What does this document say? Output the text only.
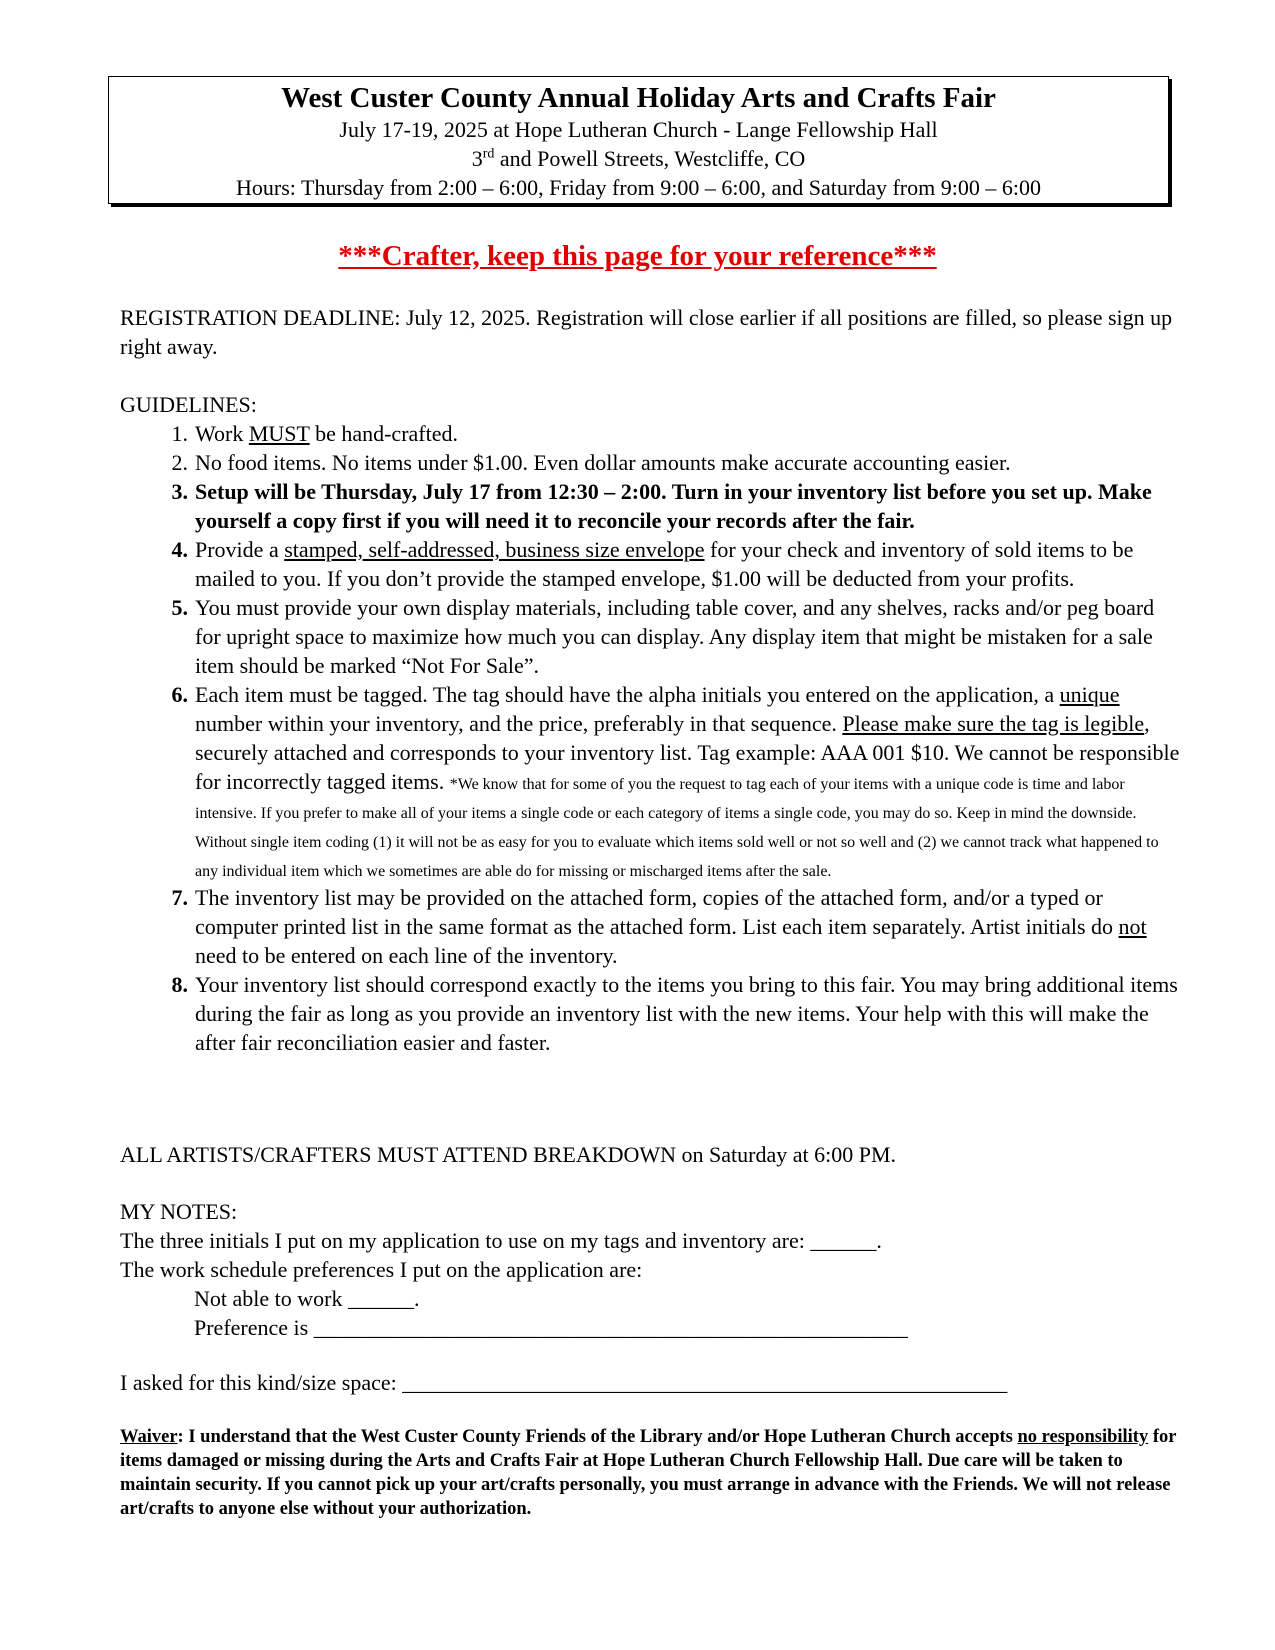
West Custer County Annual Holiday Arts and Crafts Fair
July 17-19, 2025 at Hope Lutheran Church - Lange Fellowship Hall
3rd and Powell Streets, Westcliffe, CO
Hours: Thursday from 2:00 – 6:00, Friday from 9:00 – 6:00, and Saturday from 9:00 – 6:00
***Crafter, keep this page for your reference***
REGISTRATION DEADLINE: July 12, 2025. Registration will close earlier if all positions are filled, so please sign up right away.
GUIDELINES:
1. Work MUST be hand-crafted.
2. No food items. No items under $1.00. Even dollar amounts make accurate accounting easier.
3. Setup will be Thursday, July 17 from 12:30 – 2:00. Turn in your inventory list before you set up. Make yourself a copy first if you will need it to reconcile your records after the fair.
4. Provide a stamped, self-addressed, business size envelope for your check and inventory of sold items to be mailed to you. If you don’t provide the stamped envelope, $1.00 will be deducted from your profits.
5. You must provide your own display materials, including table cover, and any shelves, racks and/or peg board for upright space to maximize how much you can display. Any display item that might be mistaken for a sale item should be marked “Not For Sale”.
6. Each item must be tagged. The tag should have the alpha initials you entered on the application, a unique number within your inventory, and the price, preferably in that sequence. Please make sure the tag is legible, securely attached and corresponds to your inventory list. Tag example: AAA 001 $10. We cannot be responsible for incorrectly tagged items. *We know that for some of you the request to tag each of your items with a unique code is time and labor intensive. If you prefer to make all of your items a single code or each category of items a single code, you may do so. Keep in mind the downside. Without single item coding (1) it will not be as easy for you to evaluate which items sold well or not so well and (2) we cannot track what happened to any individual item which we sometimes are able do for missing or mischarged items after the sale.
7. The inventory list may be provided on the attached form, copies of the attached form, and/or a typed or computer printed list in the same format as the attached form. List each item separately. Artist initials do not need to be entered on each line of the inventory.
8. Your inventory list should correspond exactly to the items you bring to this fair. You may bring additional items during the fair as long as you provide an inventory list with the new items. Your help with this will make the after fair reconciliation easier and faster.
ALL ARTISTS/CRAFTERS MUST ATTEND BREAKDOWN on Saturday at 6:00 PM.
MY NOTES:
The three initials I put on my application to use on my tags and inventory are: ______.
The work schedule preferences I put on the application are:
Not able to work ______.
Preference is ______________________________________________________
I asked for this kind/size space: _______________________________________________________
Waiver: I understand that the West Custer County Friends of the Library and/or Hope Lutheran Church accepts no responsibility for items damaged or missing during the Arts and Crafts Fair at Hope Lutheran Church Fellowship Hall. Due care will be taken to maintain security. If you cannot pick up your art/crafts personally, you must arrange in advance with the Friends. We will not release art/crafts to anyone else without your authorization.
